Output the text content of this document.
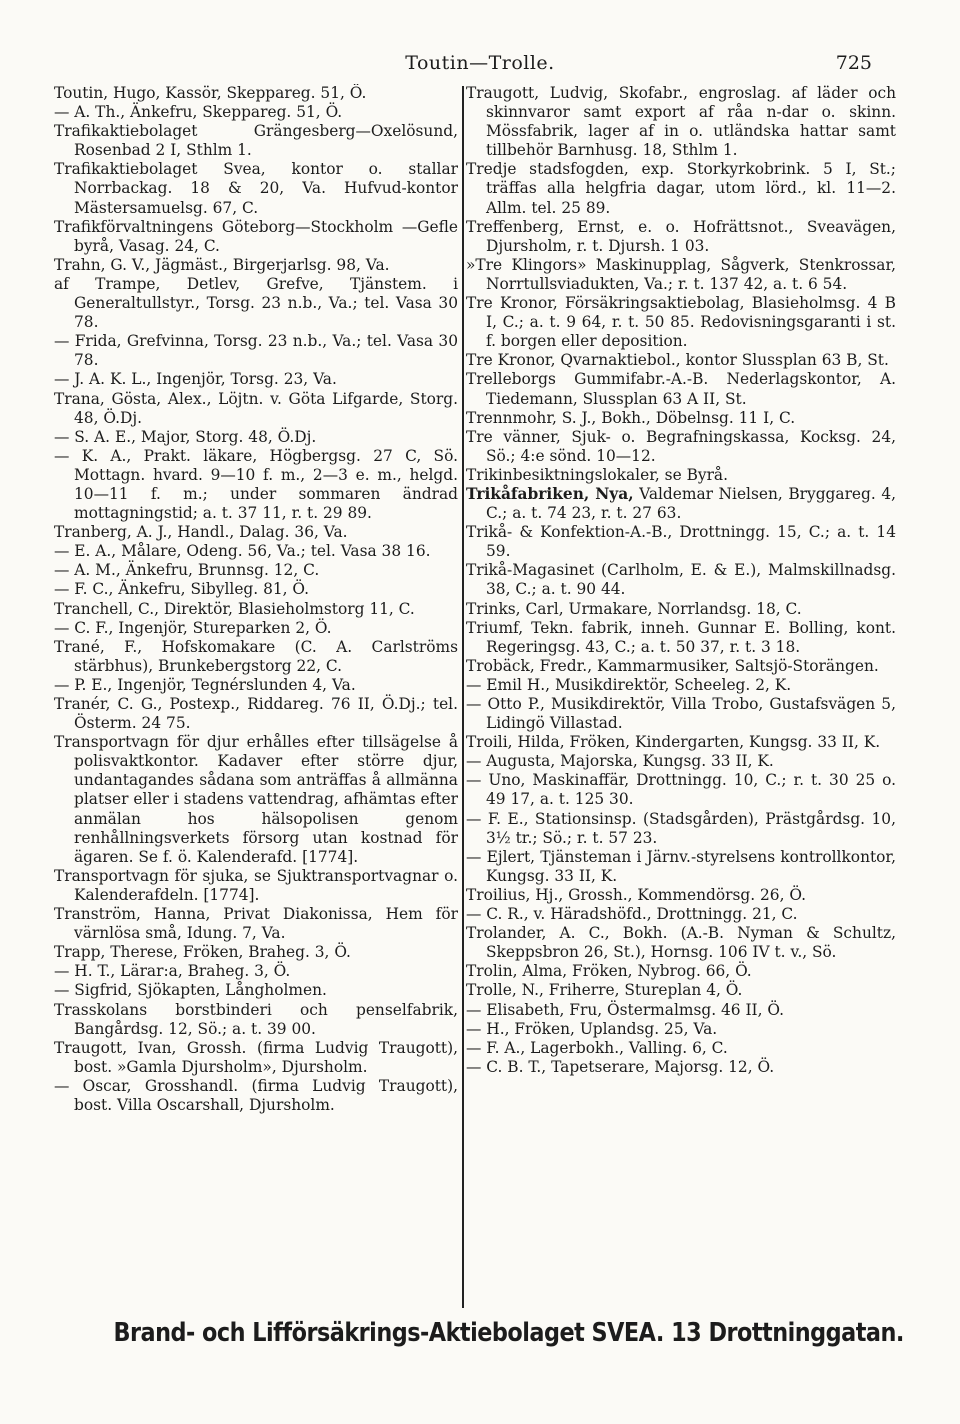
Toutin—Trolle.	725
Toutin, Hugo, Kassör, Skeppareg. 51, Ö.
— A. Th., Änkefru, Skeppareg. 51, Ö.
Trafikaktiebolaget Grängesberg—Oxelösund, Rosenbad 2 I, Sthlm 1.
Trafikaktiebolaget Svea, kontor o. stallar Norrbackag. 18 & 20, Va. Hufvud-kontor Mästersamuelsg. 67, C.
Trafikförvaltningens Göteborg—Stockholm —Gefle byrå, Vasag. 24, C.
Trahn, G. V., Jägmäst., Birgerjarlsg. 98, Va.
af Trampe, Detlev, Grefve, Tjänstem. i Generaltullstyr., Torsg. 23 n.b., Va.; tel. Vasa 30 78.
— Frida, Grefvinna, Torsg. 23 n.b., Va.; tel. Vasa 30 78.
— J. A. K. L., Ingenjör, Torsg. 23, Va.
Trana, Gösta, Alex., Löjtn. v. Göta Lifgarde, Storg. 48, Ö.Dj.
— S. A. E., Major, Storg. 48, Ö.Dj.
— K. A., Prakt. läkare, Högbergsg. 27 C, Sö. Mottagn. hvard. 9—10 f. m., 2—3 e. m., helgd. 10—11 f. m.; under sommaren ändrad mottagningstid; a. t. 37 11, r. t. 29 89.
Tranberg, A. J., Handl., Dalag. 36, Va.
— E. A., Målare, Odeng. 56, Va.; tel. Vasa 38 16.
— A. M., Änkefru, Brunnsg. 12, C.
— F. C., Änkefru, Sibylleg. 81, Ö.
Tranchell, C., Direktör, Blasieholmstorg 11, C.
— C. F., Ingenjör, Stureparken 2, Ö.
Trané, F., Hofskomakare (C. A. Carlströms stärbhus), Brunkebergstorg 22, C.
— P. E., Ingenjör, Tegnérslunden 4, Va.
Tranér, C. G., Postexp., Riddareg. 76 II, Ö.Dj.; tel. Österm. 24 75.
Transportvagn för djur erhålles efter tillsägelse å polisvaktkontor. Kadaver efter större djur, undantagandes sådana som anträffas å allmänna platser eller i stadens vattendrag, afhämtas efter anmälan hos hälsopolisen genom renhållningsverkets försorg utan kostnad för ägaren. Se f. ö. Kalenderafd. [1774].
Transportvagn för sjuka, se Sjuktransportvagnar o. Kalenderafdeln. [1774].
Tranström, Hanna, Privat Diakonissa, Hem för värnlösa små, Idung. 7, Va.
Trapp, Therese, Fröken, Braheg. 3, Ö.
— H. T., Lärar:a, Braheg. 3, Ö.
— Sigfrid, Sjökapten, Långholmen.
Trasskolans borstbinderi och penselfabrik, Bangårdsg. 12, Sö.; a. t. 39 00.
Traugott, Ivan, Grossh. (firma Ludvig Traugott), bost. »Gamla Djursholm», Djursholm.
— Oscar, Grosshandl. (firma Ludvig Traugott), bost. Villa Oscarshall, Djursholm.
Traugott, Ludvig, Skofabr., engroslag. af läder och skinnvaror samt export af råa n-dar o. skinn. Mössfabrik, lager af in o. utländska hattar samt tillbehör Barnhusg. 18, Sthlm 1.
Tredje stadsfogden, exp. Storkyrkobrink. 5 I, St.; träffas alla helgfria dagar, utom lörd., kl. 11—2. Allm. tel. 25 89.
Treffenberg, Ernst, e. o. Hofrättsnot., Sveavägen, Djursholm, r. t. Djursh. 1 03.
»Tre Klingors» Maskinupplag, Sågverk, Stenkrossar, Norrtullsviadukten, Va.; r. t. 137 42, a. t. 6 54.
Tre Kronor, Försäkringsaktiebolag, Blasieholmsg. 4 B I, C.; a. t. 9 64, r. t. 50 85. Redovisningsgaranti i st. f. borgen eller deposition.
Tre Kronor, Qvarnaktiebol., kontor Slussplan 63 B, St.
Trelleborgs Gummifabr.-A.-B. Nederlagskontor, A. Tiedemann, Slussplan 63 A II, St.
Trennmohr, S. J., Bokh., Döbelnsg. 11 I, C.
Tre vänner, Sjuk- o. Begrafningskassa, Kocksg. 24, Sö.; 4:e sönd. 10—12.
Trikinbesiktningslokaler, se Byrå.
Trikåfabriken, Nya, Valdemar Nielsen, Bryggareg. 4, C.; a. t. 74 23, r. t. 27 63.
Trikå- & Konfektion-A.-B., Drottningg. 15, C.; a. t. 14 59.
Trikå-Magasinet (Carlholm, E. & E.), Malmskillnadsg. 38, C.; a. t. 90 44.
Trinks, Carl, Urmakare, Norrlandsg. 18, C.
Triumf, Tekn. fabrik, inneh. Gunnar E. Bolling, kont. Regeringsg. 43, C.; a. t. 50 37, r. t. 3 18.
Trobäck, Fredr., Kammarmusiker, Saltsjö-Storängen.
— Emil H., Musikdirektör, Scheeleg. 2, K.
— Otto P., Musikdirektör, Villa Trobo, Gustafsvägen 5, Lidingö Villastad.
Troili, Hilda, Fröken, Kindergarten, Kungsg. 33 II, K.
— Augusta, Majorska, Kungsg. 33 II, K.
— Uno, Maskinaffär, Drottningg. 10, C.; r. t. 30 25 o. 49 17, a. t. 125 30.
— F. E., Stationsinsp. (Stadsgården), Prästgårdsg. 10, 3½ tr.; Sö.; r. t. 57 23.
— Ejlert, Tjänsteman i Järnv.-styrelsens kontrollkontor, Kungsg. 33 II, K.
Troilius, Hj., Grossh., Kommendörsg. 26, Ö.
— C. R., v. Häradshöfd., Drottningg. 21, C.
Trolander, A. C., Bokh. (A.-B. Nyman & Schultz, Skeppsbron 26, St.), Hornsg. 106 IV t. v., Sö.
Trolin, Alma, Fröken, Nybrog. 66, Ö.
Trolle, N., Friherre, Stureplan 4, Ö.
— Elisabeth, Fru, Östermalmsg. 46 II, Ö.
— H., Fröken, Uplandsg. 25, Va.
— F. A., Lagerbokh., Valling. 6, C.
— C. B. T., Tapetserare, Majorsg. 12, Ö.
Brand- och Lifförsäkrings-Aktiebolaget SVEA. 13 Drottninggatan.
